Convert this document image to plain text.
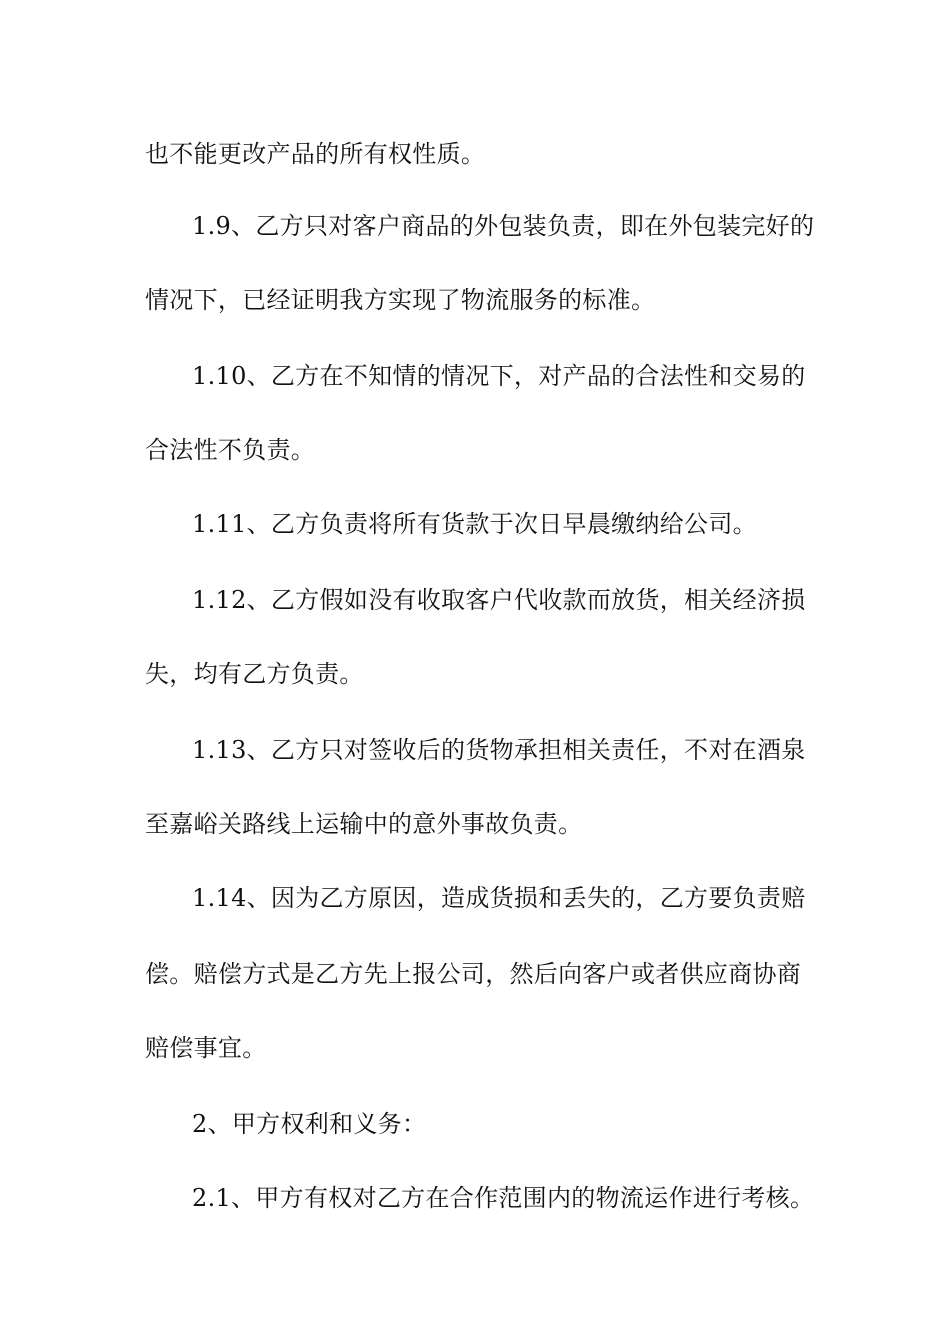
也不能更改产品的所有权性质。
1.9、乙方只对客户商品的外包装负责，即在外包装完好的
情况下，已经证明我方实现了物流服务的标准。
1.10、乙方在不知情的情况下，对产品的合法性和交易的
合法性不负责。
1.11、乙方负责将所有货款于次日早晨缴纳给公司。
1.12、乙方假如没有收取客户代收款而放货，相关经济损
失，均有乙方负责。
1.13、乙方只对签收后的货物承担相关责任，不对在酒泉
至嘉峪关路线上运输中的意外事故负责。
1.14、因为乙方原因，造成货损和丢失的，乙方要负责赔
偿。赔偿方式是乙方先上报公司，然后向客户或者供应商协商
赔偿事宜。
2、甲方权利和义务：
2.1、甲方有权对乙方在合作范围内的物流运作进行考核。
